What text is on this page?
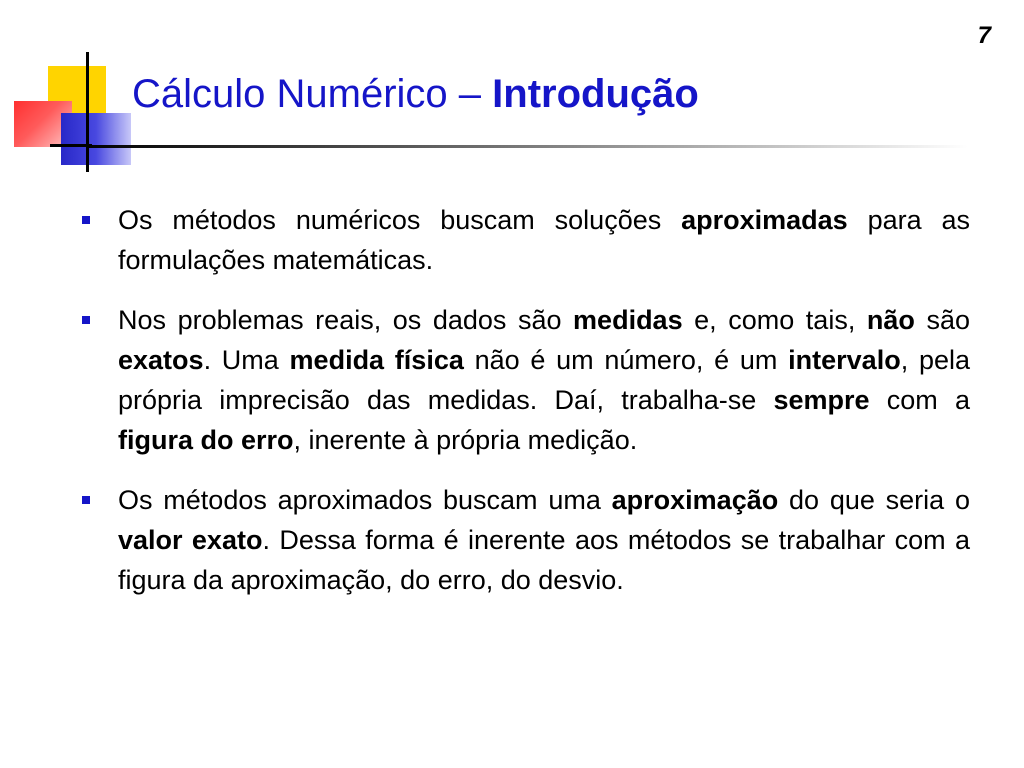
7
Cálculo Numérico – Introdução
Os métodos numéricos buscam soluções aproximadas para as formulações matemáticas.
Nos problemas reais, os dados são medidas e, como tais, não são exatos. Uma medida física não é um número, é um intervalo, pela própria imprecisão das medidas. Daí, trabalha-se sempre com a figura do erro, inerente à própria medição.
Os métodos aproximados buscam uma aproximação do que seria o valor exato. Dessa forma é inerente aos métodos se trabalhar com a figura da aproximação, do erro, do desvio.
